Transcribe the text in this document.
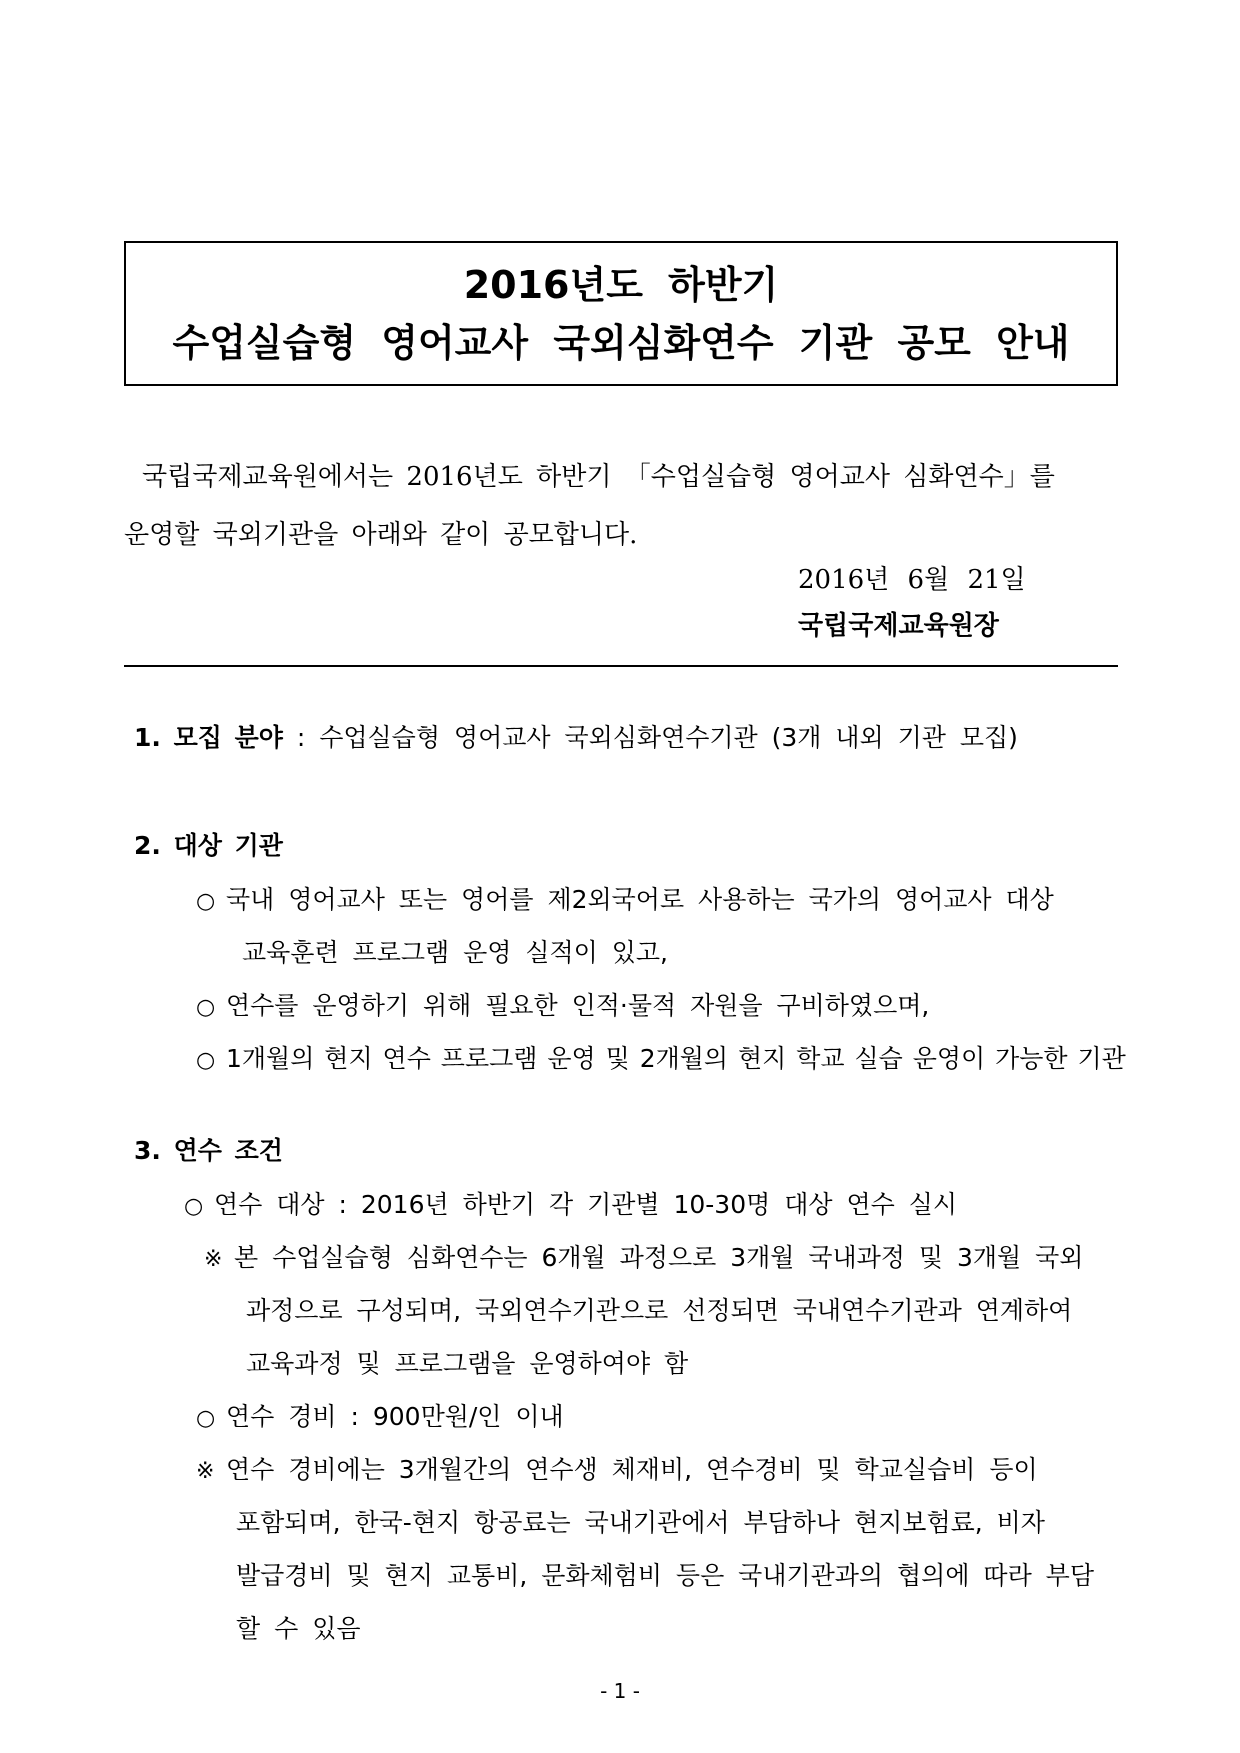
2016년도 하반기
수업실습형 영어교사 국외심화연수 기관 공모 안내

국립국제교육원에서는 2016년도 하반기 「수업실습형 영어교사 심화연수」를

운영할 국외기관을 아래와 같이 공모합니다.

2016년 6월 21일
국립국제교육원장
1. 모집 분야 : 수업실습형 영어교사 국외심화연수기관 (3개 내외 기관 모집)
2. 대상 기관
○ 국내 영어교사 또는 영어를 제2외국어로 사용하는 국가의 영어교사 대상
교육훈련 프로그램 운영 실적이 있고,
○ 연수를 운영하기 위해 필요한 인적·물적 자원을 구비하였으며,
○ 1개월의 현지 연수 프로그램 운영 및 2개월의 현지 학교 실습 운영이 가능한 기관
3. 연수 조건
○ 연수 대상 : 2016년 하반기 각 기관별 10-30명 대상 연수 실시
※ 본 수업실습형 심화연수는 6개월 과정으로 3개월 국내과정 및 3개월 국외
과정으로 구성되며, 국외연수기관으로 선정되면 국내연수기관과 연계하여
교육과정 및 프로그램을 운영하여야 함
○ 연수 경비 : 900만원/인 이내
※ 연수 경비에는 3개월간의 연수생 체재비, 연수경비 및 학교실습비 등이
포함되며, 한국-현지 항공료는 국내기관에서 부담하나 현지보험료, 비자
발급경비 및 현지 교통비, 문화체험비 등은 국내기관과의 협의에 따라 부담
할 수 있음
- 1 -
